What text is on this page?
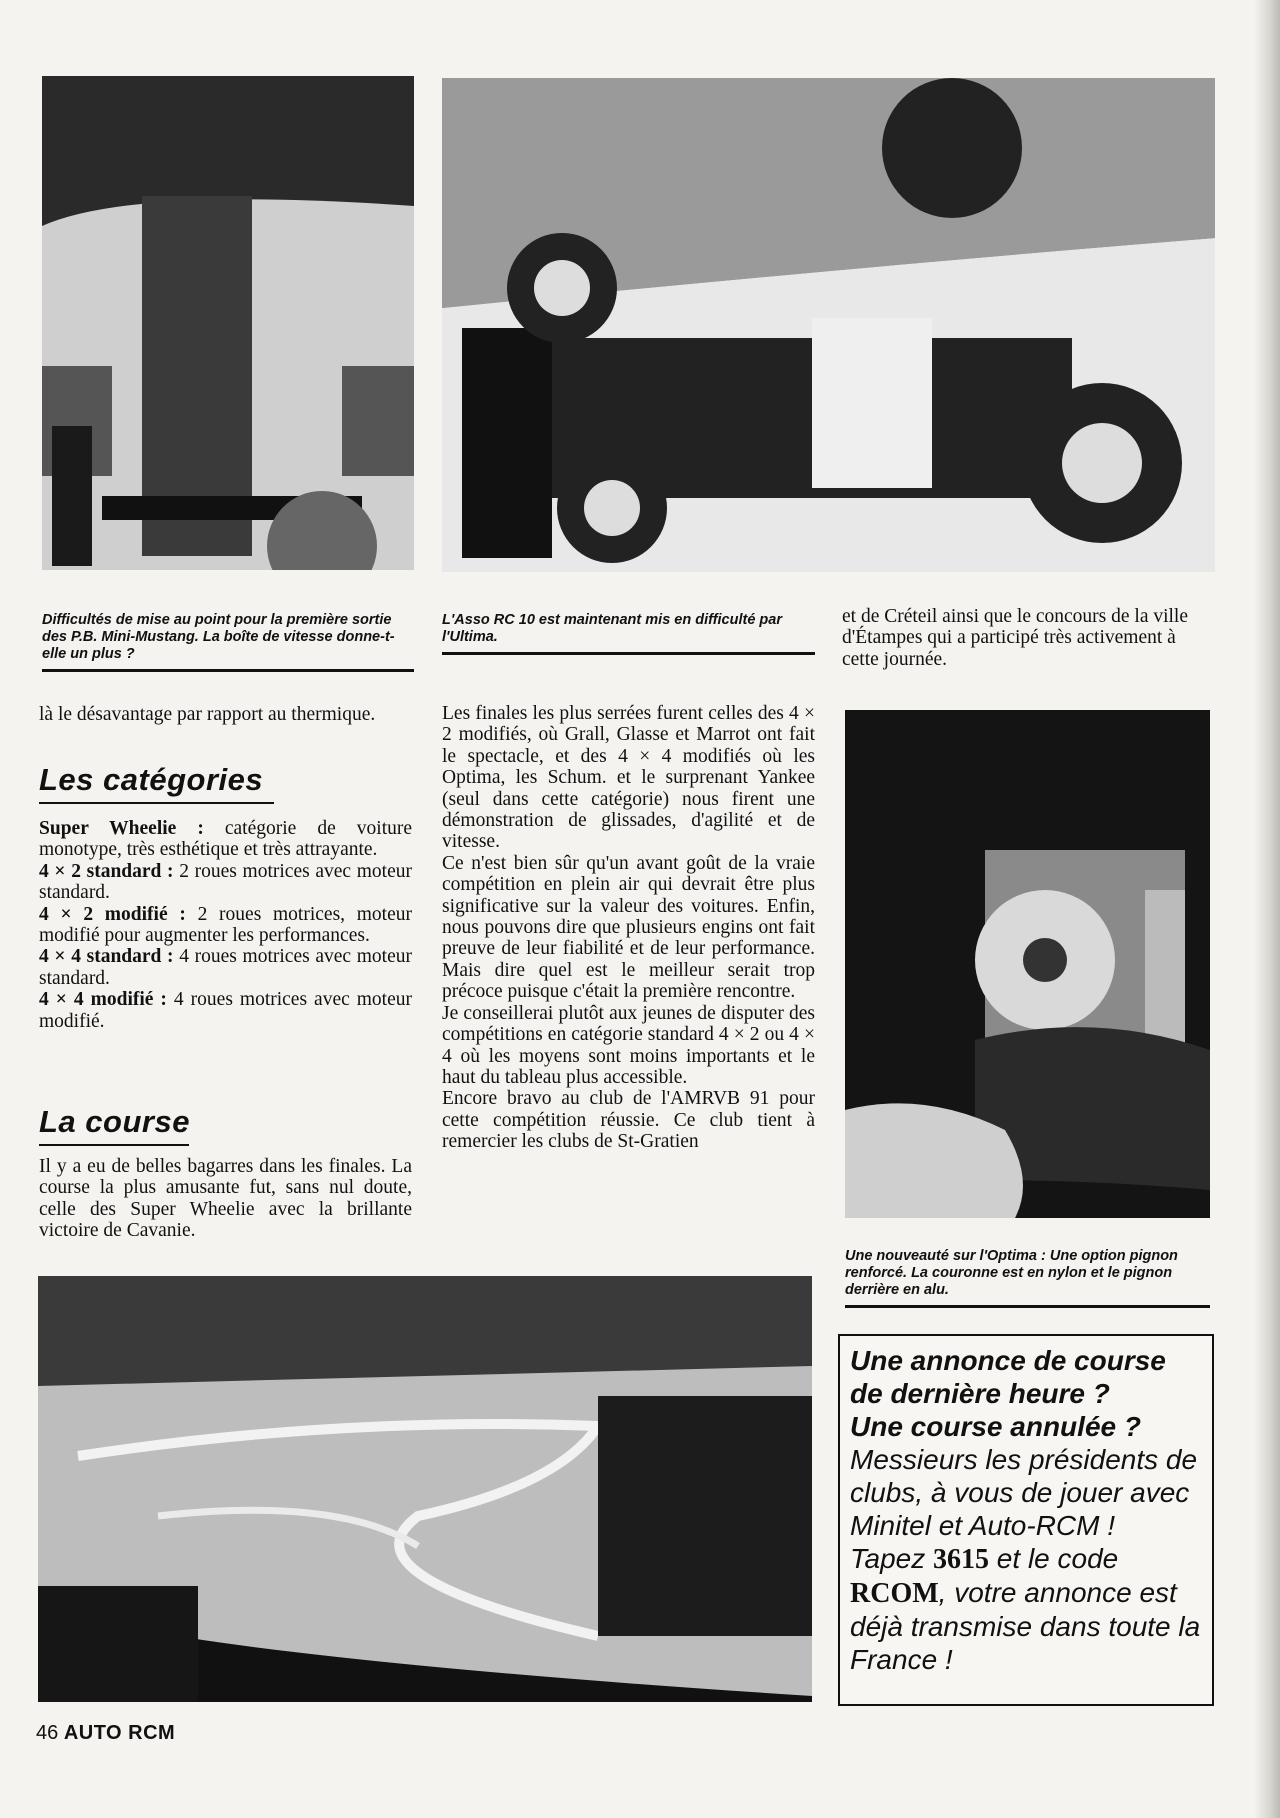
Difficultés de mise au point pour la première sortie des P.B. Mini-Mustang. La boîte de vitesse donne-t-elle un plus ?
L'Asso RC 10 est maintenant mis en difficulté par l'Ultima.

là le désavantage par rapport au thermique.

Les catégories

Super Wheelie : catégorie de voiture monotype, très esthétique et très attrayante.

4 × 2 standard : 2 roues motrices avec moteur standard.

4 × 2 modifié : 2 roues motrices, moteur modifié pour augmenter les performances.

4 × 4 standard : 4 roues motrices avec moteur standard.

4 × 4 modifié : 4 roues motrices avec moteur modifié.

La course

Il y a eu de belles bagarres dans les finales. La course la plus amusante fut, sans nul doute, celle des Super Wheelie avec la brillante victoire de Cavanie.

Les finales les plus serrées furent celles des 4 × 2 modifiés, où Grall, Glasse et Marrot ont fait le spectacle, et des 4 × 4 modifiés où les Optima, les Schum. et le surprenant Yankee (seul dans cette catégorie) nous firent une démonstration de glissades, d'agilité et de vitesse.

Ce n'est bien sûr qu'un avant goût de la vraie compétition en plein air qui devrait être plus significative sur la valeur des voitures. Enfin, nous pouvons dire que plusieurs engins ont fait preuve de leur fiabilité et de leur performance. Mais dire quel est le meilleur serait trop précoce puisque c'était la première rencontre.

Je conseillerai plutôt aux jeunes de disputer des compétitions en catégorie standard 4 × 2 ou 4 × 4 où les moyens sont moins importants et le haut du tableau plus accessible.

Encore bravo au club de l'AMRVB 91 pour cette compétition réussie. Ce club tient à remercier les clubs de St-Gratien

et de Créteil ainsi que le concours de la ville d'Étampes qui a participé très activement à cette journée.

Une nouveauté sur l'Optima : Une option pignon renforcé. La couronne est en nylon et le pignon derrière en alu.
Une annonce de course de dernière heure ?
Une course annulée ?
Messieurs les présidents de clubs, à vous de jouer avec Minitel et Auto-RCM !
Tapez 3615 et le code RCOM, votre annonce est déjà transmise dans toute la France !
46 AUTO RCM
